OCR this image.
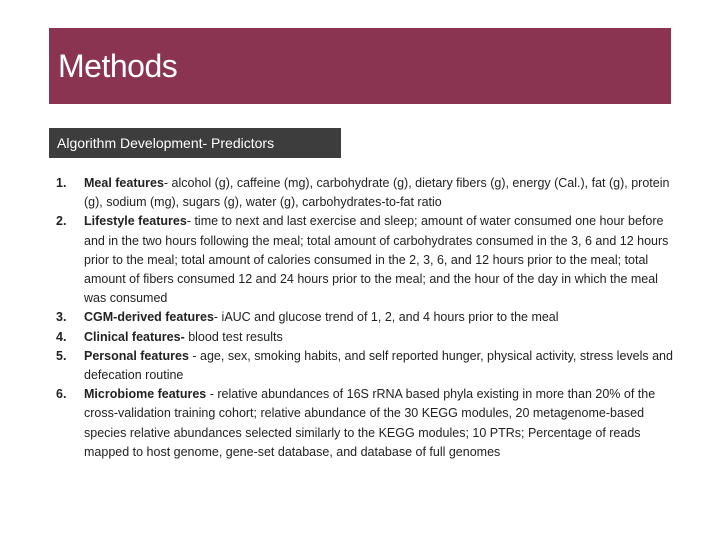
Methods
Algorithm Development- Predictors
1. Meal features- alcohol (g), caffeine (mg), carbohydrate (g), dietary fibers (g), energy (Cal.), fat (g), protein (g), sodium (mg), sugars (g), water (g), carbohydrates-to-fat ratio
2. Lifestyle features- time to next and last exercise and sleep; amount of water consumed one hour before and in the two hours following the meal; total amount of carbohydrates consumed in the 3, 6 and 12 hours prior to the meal; total amount of calories consumed in the 2, 3, 6, and 12 hours prior to the meal; total amount of fibers consumed 12 and 24 hours prior to the meal; and the hour of the day in which the meal was consumed
3. CGM-derived features- iAUC and glucose trend of 1, 2, and 4 hours prior to the meal
4. Clinical features- blood test results
5. Personal features - age, sex, smoking habits, and self reported hunger, physical activity, stress levels and defecation routine
6. Microbiome features - relative abundances of 16S rRNA based phyla existing in more than 20% of the cross-validation training cohort; relative abundance of the 30 KEGG modules, 20 metagenome-based species relative abundances selected similarly to the KEGG modules; 10 PTRs; Percentage of reads mapped to host genome, gene-set database, and database of full genomes
